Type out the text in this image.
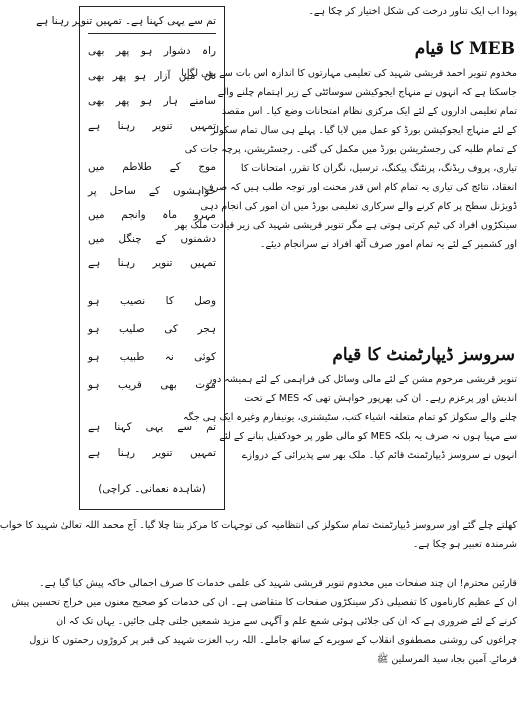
پودا اب ایک تناور درخت کی شکل اختیار کر چکا ہے۔

تم سے یہی کہنا ہے۔ تمہیں تنویر رہنا ہے
راہ دشوار ہو پھر بھی
دل میں آزار ہو پھر بھی
سامنے ہار ہو پھر بھی
تمہیں تنویر رہنا ہے
موج کے طلاطم میں
خواہشوں کے ساحل پر
مہرو ماہ وانجم میں
دشمنوں کے چنگل میں
تمہیں تنویر رہنا ہے
وصل کا نصیب ہو
ہجر کی صلیب ہو
کوئی نہ طبیب ہو
موت بھی قریب ہو
تم سے یہی کہنا ہے
تمہیں تنویر رہنا ہے
(شاہدہ نعمانی۔ کراچی)
MEB کا قیام

مخدوم تنویر احمد قریشی شہید کی تعلیمی مہارتوں کا اندازہ اس بات سے بھی لگایا
جاسکتا ہے کہ انہوں نے منہاج ایجوکیشن سوسائٹی کے زیر اہتمام چلنے والے
تمام تعلیمی اداروں کے لئے ایک مرکزی نظام امتحانات وضع کیا۔ اس مقصد
کے لئے منہاج ایجوکیشن بورڈ کو عمل میں لایا گیا۔ پہلے ہی سال تمام سکولز
کے تمام طلبہ کی رجسٹریشن بورڈ میں مکمل کی گئی۔ رجسٹریشن، پرچہ جات کی
تیاری، پروف ریڈنگ، پرنٹنگ پیکنگ، ترسیل، نگران کا تقرر، امتحانات کا
انعقاد، نتائج کی تیاری یہ تمام کام اس قدر محنت اور توجہ طلب ہیں کہ صرف
ڈویژنل سطح پر کام کرنے والے سرکاری تعلیمی بورڈ میں ان امور کی انجام دہی
سینکڑوں افراد کی ٹیم کرتی ہوتی ہے مگر تنویر قریشی شہید کی زیر قیادت ملک بھر
اور کشمیر کے لئے یہ تمام امور صرف آٹھ افراد نے سرانجام دیئے۔

سروسز ڈیپارٹمنٹ کا قیام

تنویر قریشی مرحوم مشن کے لئے مالی وسائل کی فراہمی کے لئے ہمیشہ دور
اندیش اور پرعزم رہے۔ ان کی بھرپور خواہش تھی کہ MES کے تحت
چلنے والے سکولز کو تمام متعلقہ اشیاء کتب، سٹیشنری، یونیفارم وغیرہ ایک ہی جگہ
سے مہیا ہوں نہ صرف یہ بلکہ MES کو مالی طور پر خودکفیل بنانے کے لئے
انہوں نے سروسز ڈیپارٹمنٹ قائم کیا۔ ملک بھر سے پذیرائی کے دروازے

کھلتے چلے گئے اور سروسز ڈیپارٹمنٹ تمام سکولز کی انتظامیہ کی توجہات کا مرکز بنتا چلا گیا۔ آج محمد اللہ تعالیٰ شہید کا خواب
شرمندہ تعبیر ہو چکا ہے۔

قارئین محترم! ان چند صفحات میں مخدوم تنویر قریشی شہید کی علمی خدمات کا صرف اجمالی خاکہ پیش کیا گیا ہے۔
ان کے عظیم کارناموں کا تفصیلی ذکر سینکڑوں صفحات کا متقاضی ہے۔ ان کی خدمات کو صحیح معنوں میں خراج تحسین پیش
کرنے کے لئے ضروری ہے کہ ان کی جلائی ہوئی شمع علم و آگہی سے مزید شمعیں جلتی چلی جائیں۔ یہاں تک کہ ان
چراغوں کی روشنی مصطفوی انقلاب کے سویرے کے ساتھ جاملے۔ اللہ رب العزت شہید کی قبر پر کروڑوں رحمتوں کا نزول
فرمائے۔ آمین بجاہ سید المرسلین ﷺ
